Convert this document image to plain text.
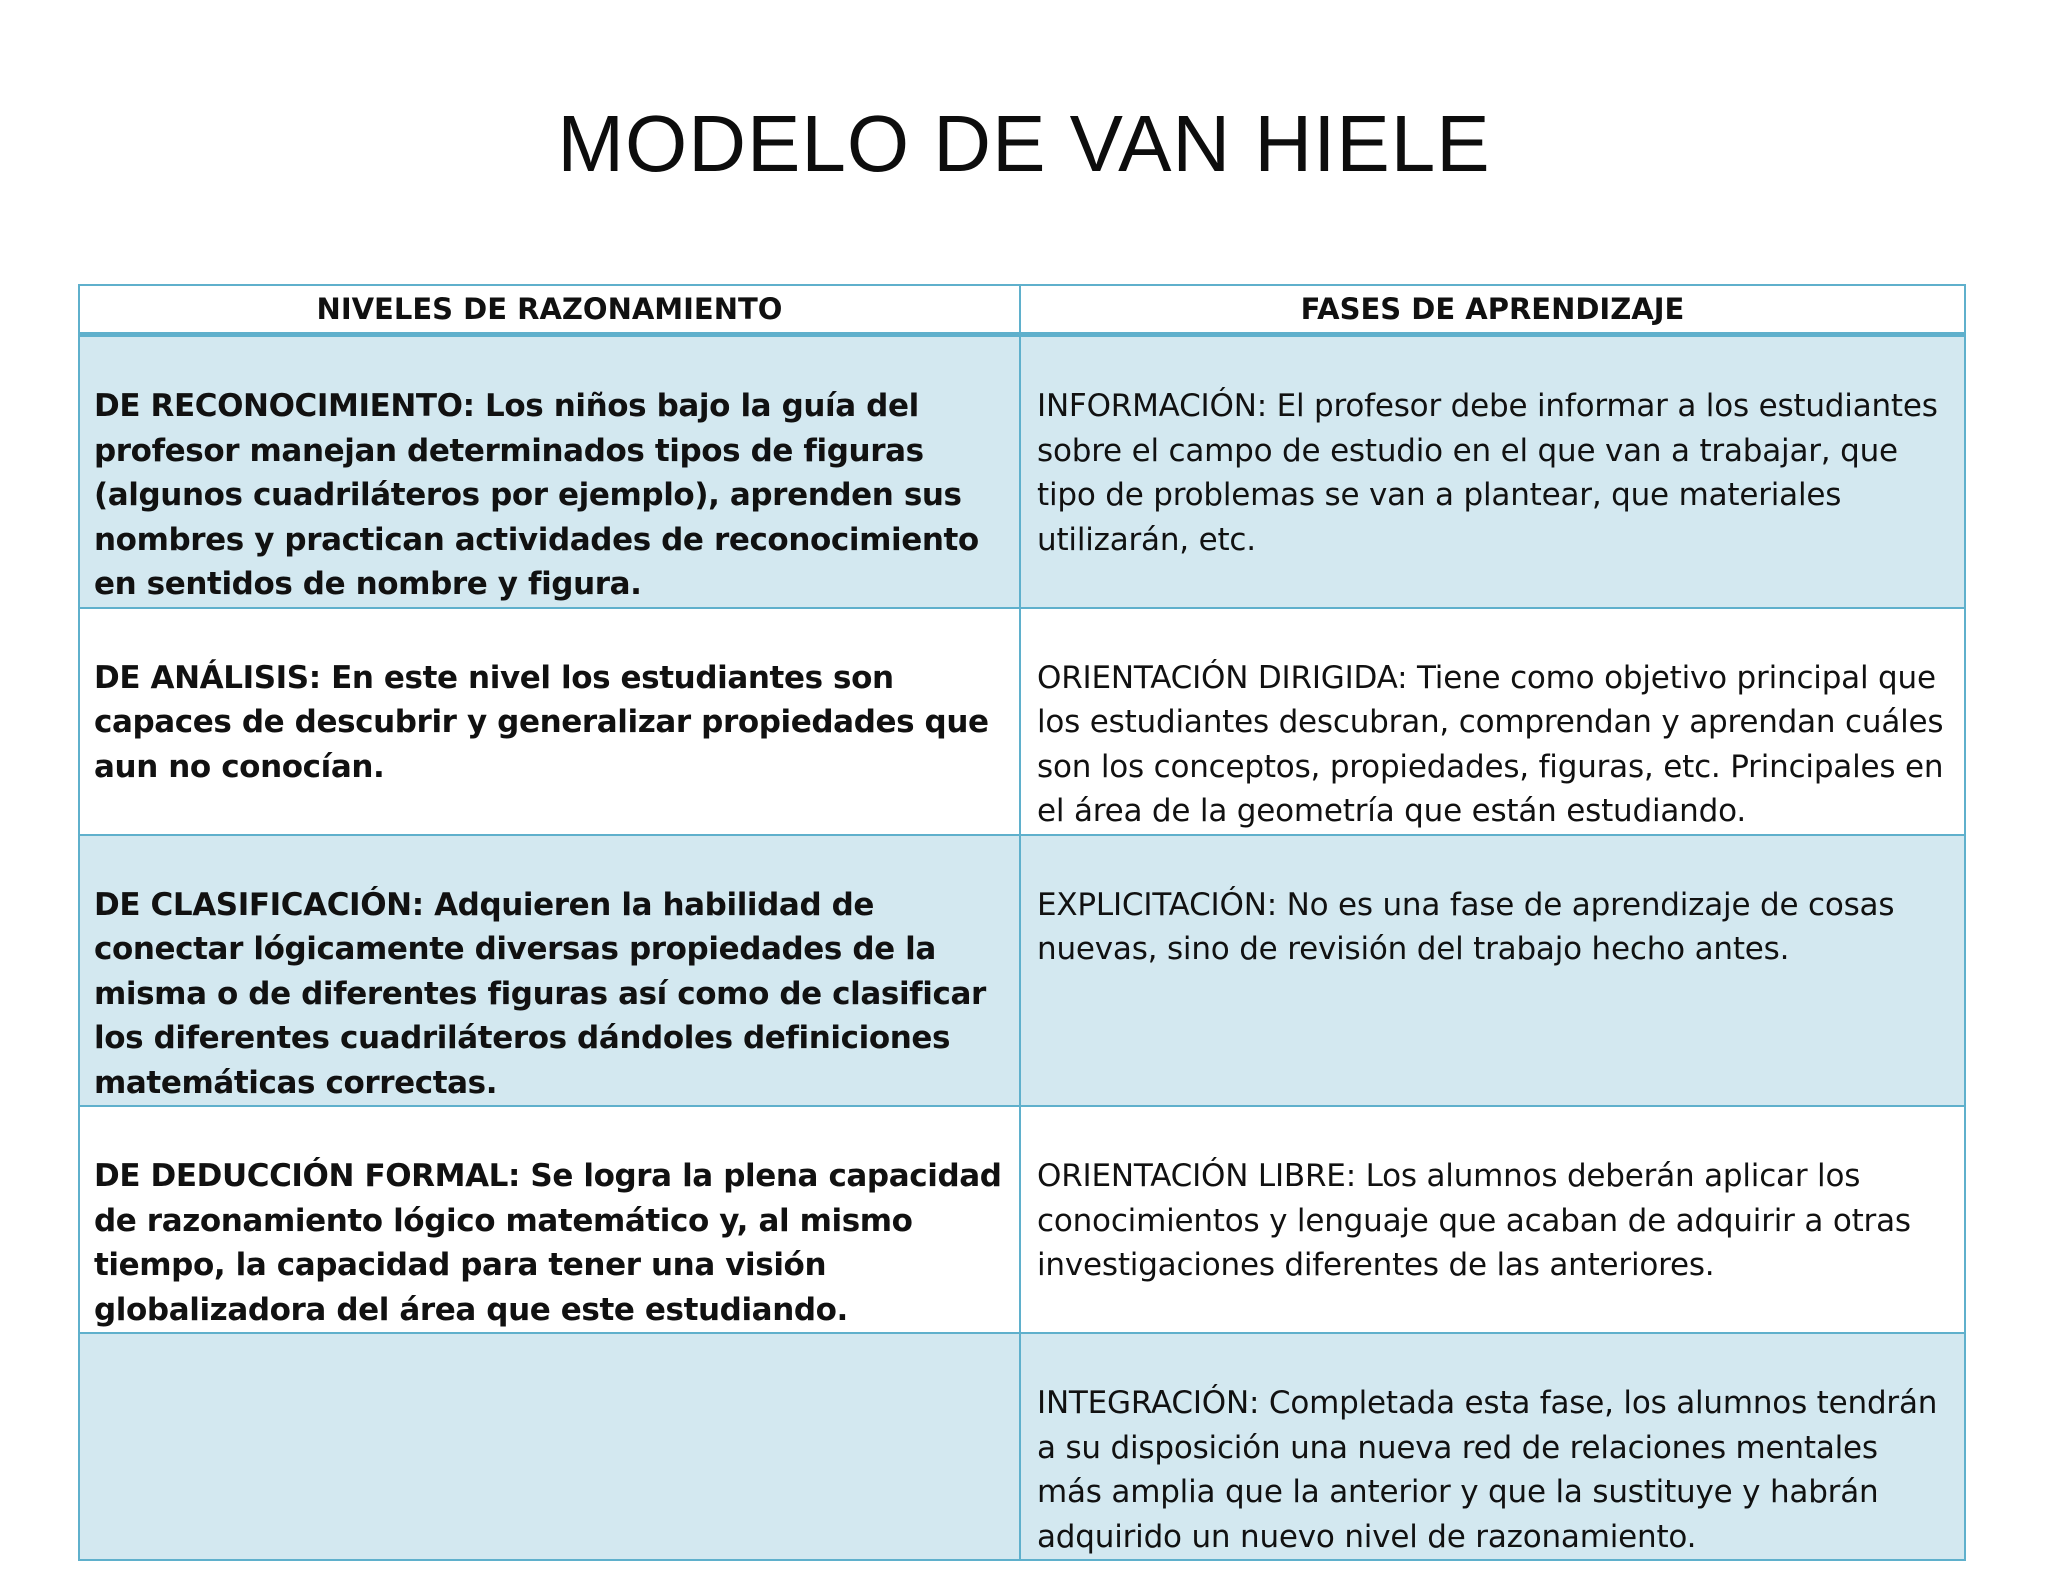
MODELO DE VAN HIELE
NIVELES DE RAZONAMIENTO	FASES DE APRENDIZAJE
DE RECONOCIMIENTO: Los niños bajo la guía del profesor manejan determinados tipos de figuras (algunos cuadriláteros por ejemplo), aprenden sus nombres y practican actividades de reconocimiento en sentidos de nombre y figura.	INFORMACIÓN: El profesor debe informar a los estudiantes sobre el campo de estudio en el que van a trabajar, que tipo de problemas se van a plantear, que materiales utilizarán, etc.
DE ANÁLISIS: En este nivel los estudiantes son capaces de descubrir y generalizar propiedades que aun no conocían.	ORIENTACIÓN DIRIGIDA: Tiene como objetivo principal que los estudiantes descubran, comprendan y aprendan cuáles son los conceptos, propiedades, figuras, etc. Principales en el área de la geometría que están estudiando.
DE CLASIFICACIÓN: Adquieren la habilidad de conectar lógicamente diversas propiedades de la misma o de diferentes figuras así como de clasificar los diferentes cuadriláteros dándoles definiciones matemáticas correctas.	EXPLICITACIÓN: No es una fase de aprendizaje de cosas nuevas, sino de revisión del trabajo hecho antes.
DE DEDUCCIÓN FORMAL: Se logra la plena capacidad de razonamiento lógico matemático y, al mismo tiempo, la capacidad para tener una visión globalizadora del área que este estudiando.	ORIENTACIÓN LIBRE: Los alumnos deberán aplicar los conocimientos y lenguaje que acaban de adquirir a otras investigaciones diferentes de las anteriores.
	INTEGRACIÓN: Completada esta fase, los alumnos tendrán a su disposición una nueva red de relaciones mentales más amplia que la anterior y que la sustituye y habrán adquirido un nuevo nivel de razonamiento.
